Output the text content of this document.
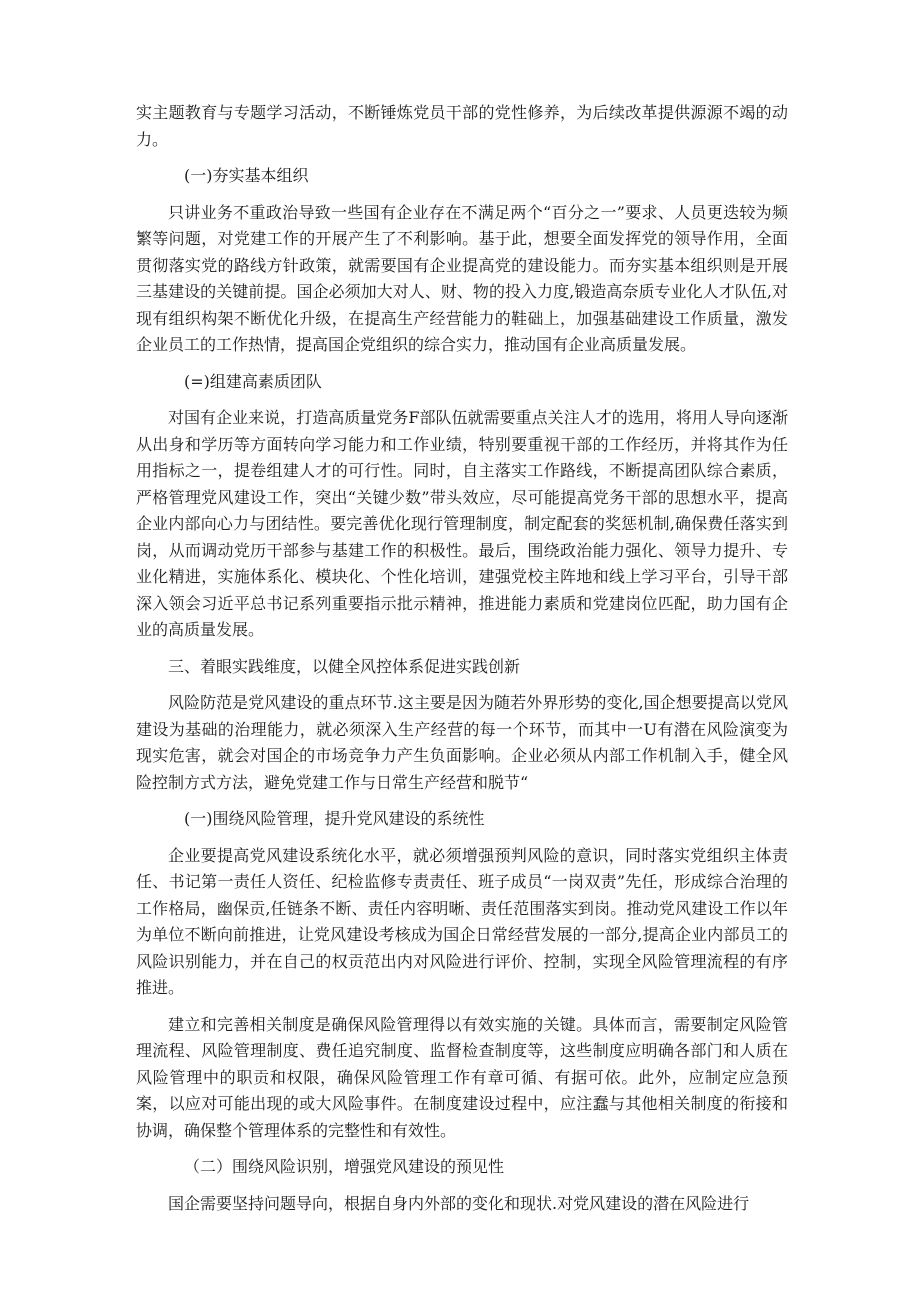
实主题教育与专题学习活动，不断锤炼党员干部的党性修养，为后续改革提供源源不竭的动力。

(一)夯实基本组织

只讲业务不重政治导致一些国有企业存在不满足两个“百分之一”要求、人员更迭较为频繁等问题，对党建工作的开展产生了不利影响。基于此，想要全面发挥党的领导作用，全面贯彻落实党的路线方针政策，就需要国有企业提高党的建设能力。而夯实基本组织则是开展三基建设的关键前提。国企必须加大对人、财、物的投入力度,锻造高奈质专业化人才队伍,对现有组织构架不断优化升级，在提高生产经营能力的鞋础上，加强基础建设工作质量，激发企业员工的工作热情，提高国企党组织的综合实力，推动国有企业高质量发展。

(=)组建高素质团队

对国有企业来说，打造高质量党务F部队伍就需要重点关注人才的选用，将用人导向逐渐从出身和学历等方面转向学习能力和工作业绩，特别要重视干部的工作经历，并将其作为任用指标之一，提卷组建人才的可行性。同时，自主落实工作路线，不断提高团队综合素质，严格管理党风建设工作，突出“关键少数”带头效应，尽可能提高党务干部的思想水平，提高企业内部向心力与团结性。要完善优化现行管理制度，制定配套的奖惩机制,确保费任落实到岗，从而调动党历干部参与基建工作的积极性。最后，围绕政治能力强化、领导力提升、专业化精进，实施体系化、模块化、个性化培训，建强党校主阵地和线上学习平台，引导干部深入领会习近平总书记系列重要指示批示精神，推进能力素质和党建岗位匹配，助力国有企业的高质量发展。

三、着眼实践维度，以健全风控体系促进实践创新

风险防范是党风建设的重点环节.这主要是因为随若外界形势的变化,国企想要提高以党风建设为基础的治理能力，就必须深入生产经营的每一个环节，而其中一U有潜在风险演变为现实危害，就会对国企的市场竞争力产生负面影响。企业必须从内部工作机制入手，健全风险控制方式方法，避免党建工作与日常生产经营和脱节“

(一)围绕风险管理，提升党风建设的系统性

企业要提高党风建设系统化水平，就必须增强预判风险的意识，同时落实党组织主体责任、书记第一责任人资任、纪检监修专责责任、班子成员“一岗双责”先任，形成综合治理的工作格局，幽保贡,任链条不断、责任内容明晰、责任范围落实到岗。推动党风建设工作以年为单位不断向前推进，让党风建设考核成为国企日常经营发展的一部分,提高企业内部员工的风险识别能力，并在自己的权贡范出内对风险进行评价、控制，实现全风险管理流程的有序推进。

建立和完善相关制度是确保风险管理得以有效实施的关键。具体而言，需要制定风险管理流程、风险管理制度、费任追究制度、监督检查制度等，这些制度应明确各部门和人质在风险管理中的职贡和权限，确保风险管理工作有章可循、有据可依。此外，应制定应急预案，以应对可能出现的或大风险事件。在制度建设过程中，应注蠢与其他相关制度的衔接和协调，确保整个管理体系的完整性和有效性。

（二）围绕风险识别，增强党风建设的预见性

国企需要坚持问题导向，根据自身内外部的变化和现状.对党风建设的潜在风险进行
